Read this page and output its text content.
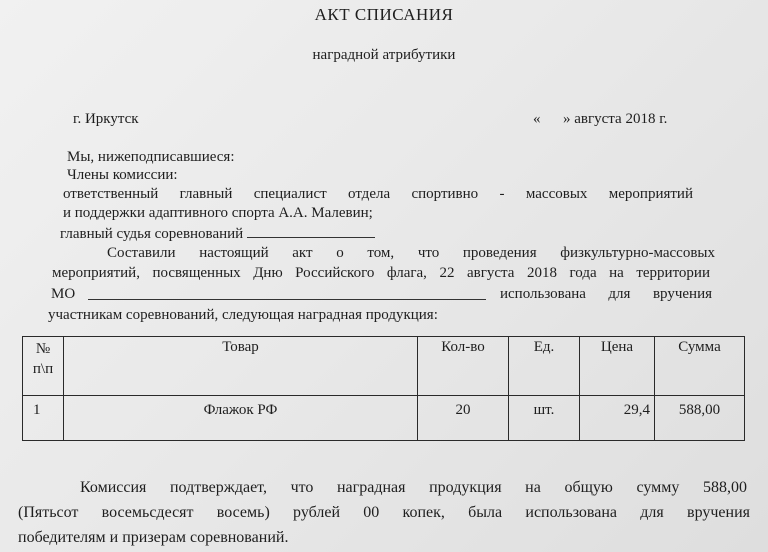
АКТ СПИСАНИЯ
наградной атрибутики
г. Иркутск	«      » августа 2018 г.
Мы, нижеподписавшиеся:
Члены комиссии:
ответственный главный специалист отдела спортивно - массовых мероприятий
и поддержки адаптивного спорта А.А. Малевин;
главный судья соревнований
Составили настоящий акт о том, что проведения физкультурно-массовых
мероприятий, посвященных Дню Российского флага, 22 августа 2018 года на территории
МО	использована для вручения
участникам соревнований, следующая наградная продукция:
№
п\п	Товар	Кол-во	Ед.	Цена	Сумма
1	Флажок РФ	20	шт.	29,4	588,00
Комиссия подтверждает, что наградная продукция на общую сумму 588,00
(Пятьсот восемьсдесят восемь) рублей 00 копек, была использована для вручения
победителям и призерам соревнований.
